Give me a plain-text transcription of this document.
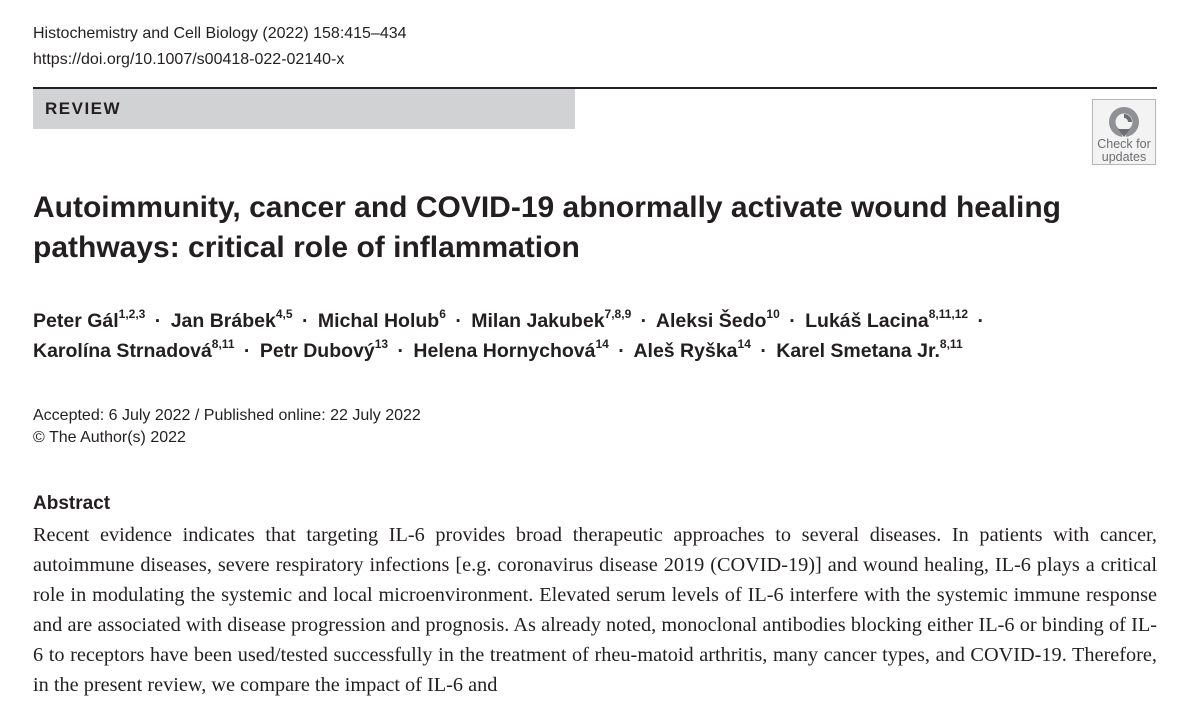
Histochemistry and Cell Biology (2022) 158:415–434
https://doi.org/10.1007/s00418-022-02140-x
REVIEW
Check for
updates
Autoimmunity, cancer and COVID-19 abnormally activate wound healing pathways: critical role of inflammation
Peter Gál$^{1,2,3}$ · Jan Brábek$^{4,5}$ · Michal Holub$^6$ · Milan Jakubek$^{7,8,9}$ · Aleksi Šedo$^{10}$ · Lukáš Lacina$^{8,11,12}$ · Karolína Strnadová$^{8,11}$ · Petr Dubový$^{13}$ · Helena Hornychová$^{14}$ · Aleš Ryška$^{14}$ · Karel Smetana Jr.$^{8,11}$
Accepted: 6 July 2022 / Published online: 22 July 2022
© The Author(s) 2022
Abstract

Recent evidence indicates that targeting IL-6 provides broad therapeutic approaches to several diseases. In patients with cancer, autoimmune diseases, severe respiratory infections [e.g. coronavirus disease 2019 (COVID-19)] and wound healing, IL-6 plays a critical role in modulating the systemic and local microenvironment. Elevated serum levels of IL-6 interfere with the systemic immune response and are associated with disease progression and prognosis. As already noted, monoclonal antibodies blocking either IL-6 or binding of IL-6 to receptors have been used/tested successfully in the treatment of rheu-matoid arthritis, many cancer types, and COVID-19. Therefore, in the present review, we compare the impact of IL-6 and
